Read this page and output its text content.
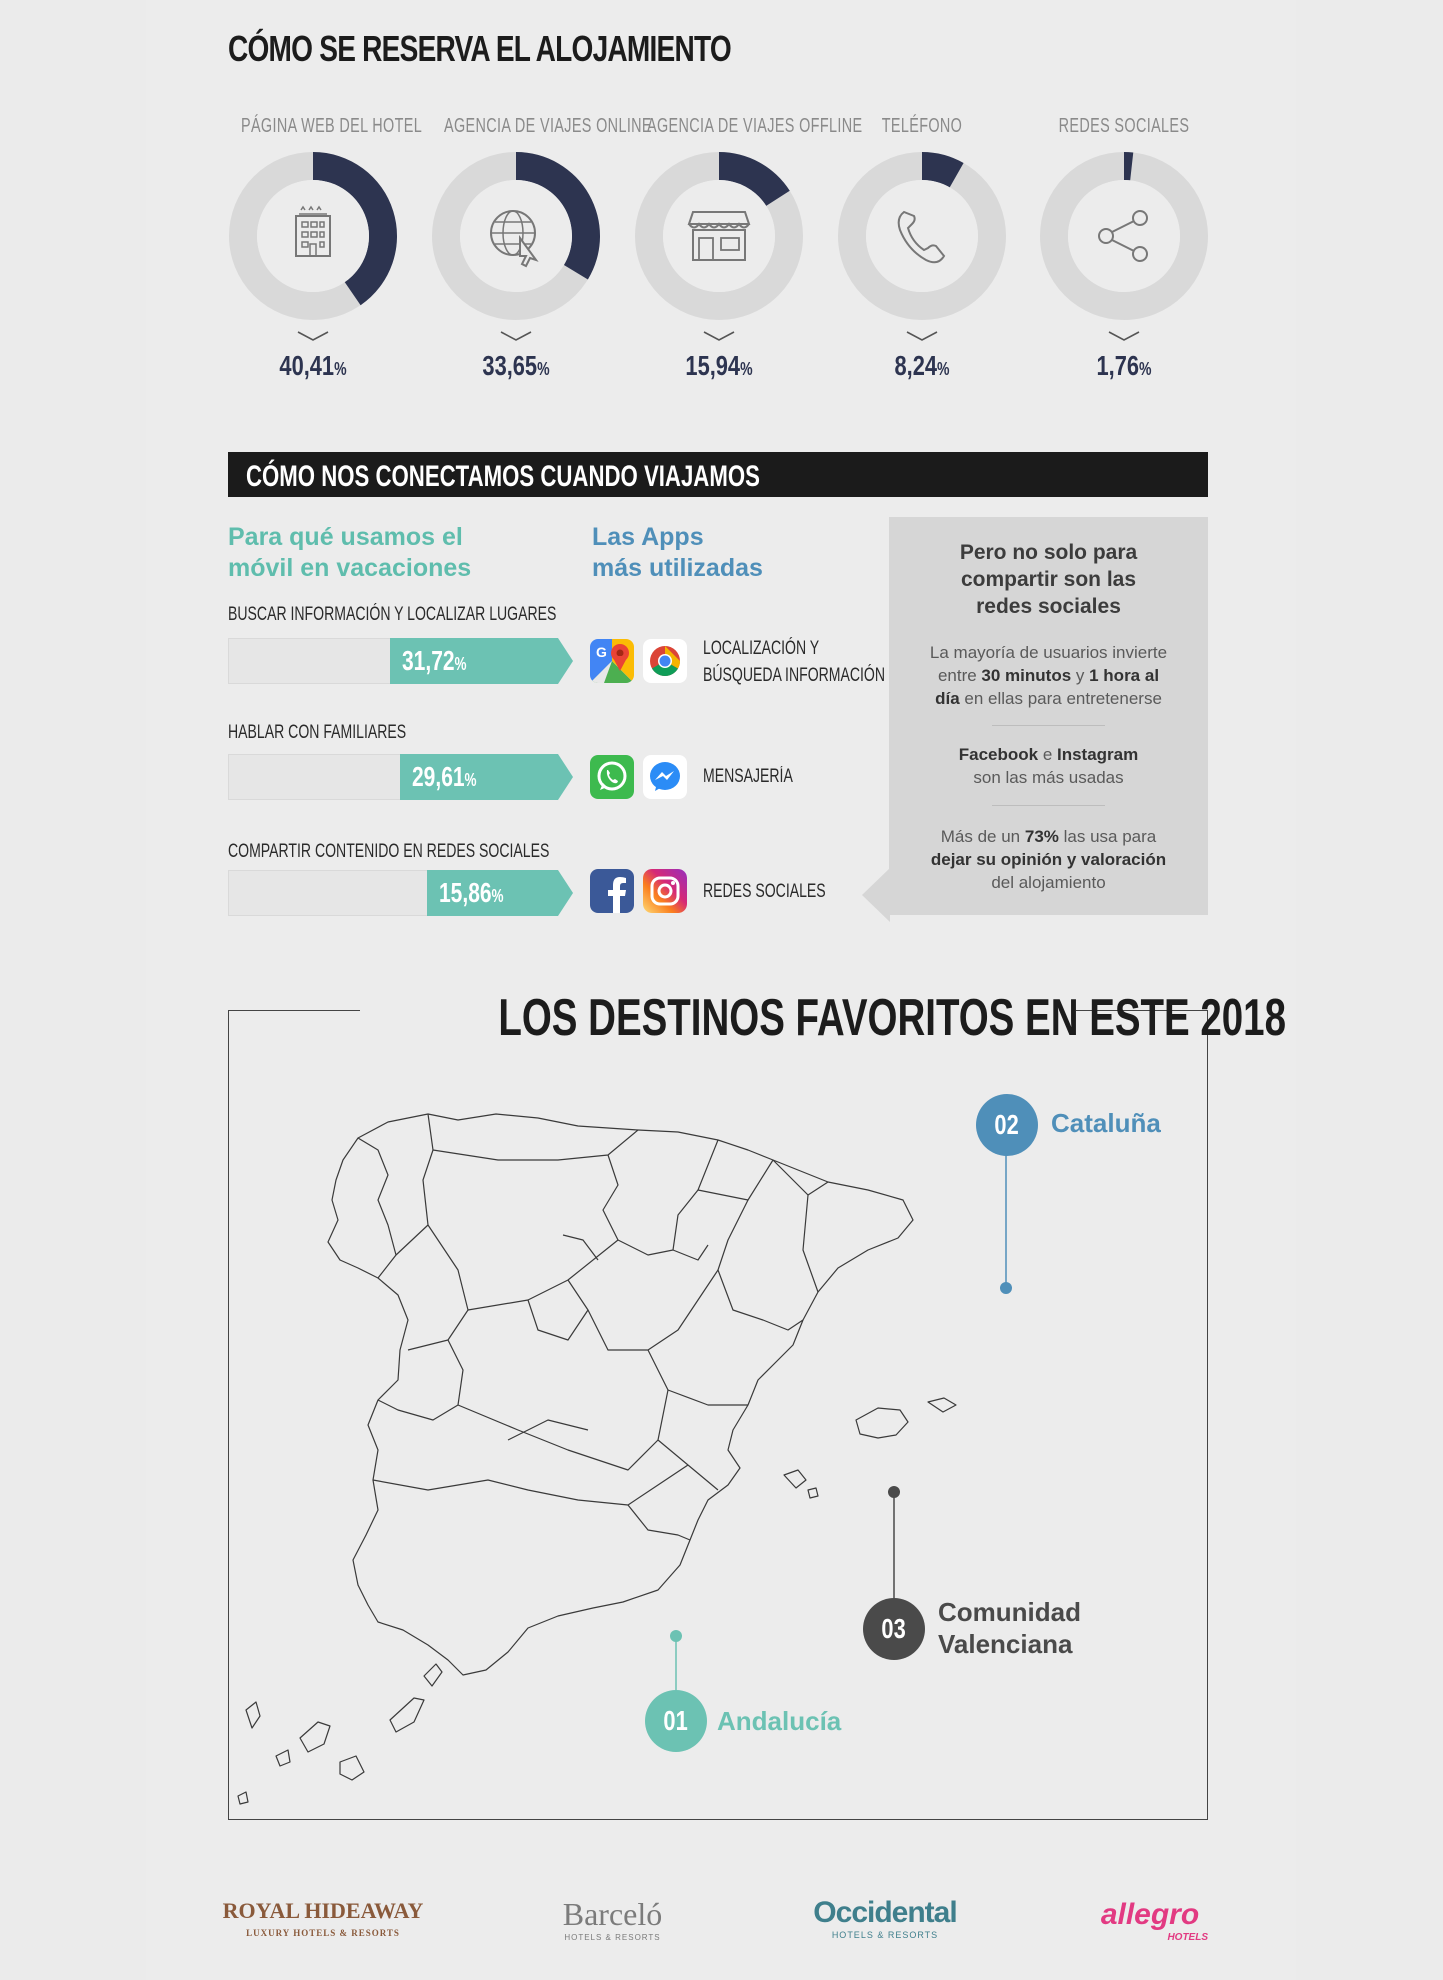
CÓMO SE RESERVA EL ALOJAMIENTO
PÁGINA WEB DEL HOTEL
40,41%
AGENCIA DE VIAJES ONLINE
33,65%
AGENCIA DE VIAJES OFFLINE
15,94%
TELÉFONO
8,24%
REDES SOCIALES
1,76%
CÓMO NOS CONECTAMOS CUANDO VIAJAMOS
Para qué usamos el
móvil en vacaciones
Las Apps
más utilizadas
BUSCAR INFORMACIÓN Y LOCALIZAR LUGARES
31,72%
HABLAR CON FAMILIARES
29,61%
COMPARTIR CONTENIDO EN REDES SOCIALES
15,86%
G	LOCALIZACIÓN Y
BÚSQUEDA INFORMACIÓN
MENSAJERÍA
REDES SOCIALES
Pero no solo para
compartir son las
redes sociales
La mayoría de usuarios invierte
entre 30 minutos y 1 hora al
día en ellas para entretenerse
Facebook e Instagram
son las más usadas
Más de un 73% las usa para
dejar su opinión y valoración
del alojamiento
LOS DESTINOS FAVORITOS EN ESTE 2018
02	Cataluña
03
Comunidad
Valenciana
01	Andalucía
ROYAL HIDEAWAY
LUXURY HOTELS & RESORTS
Barceló
HOTELS & RESORTS
Occidental
HOTELS & RESORTS
allegro
HOTELS
